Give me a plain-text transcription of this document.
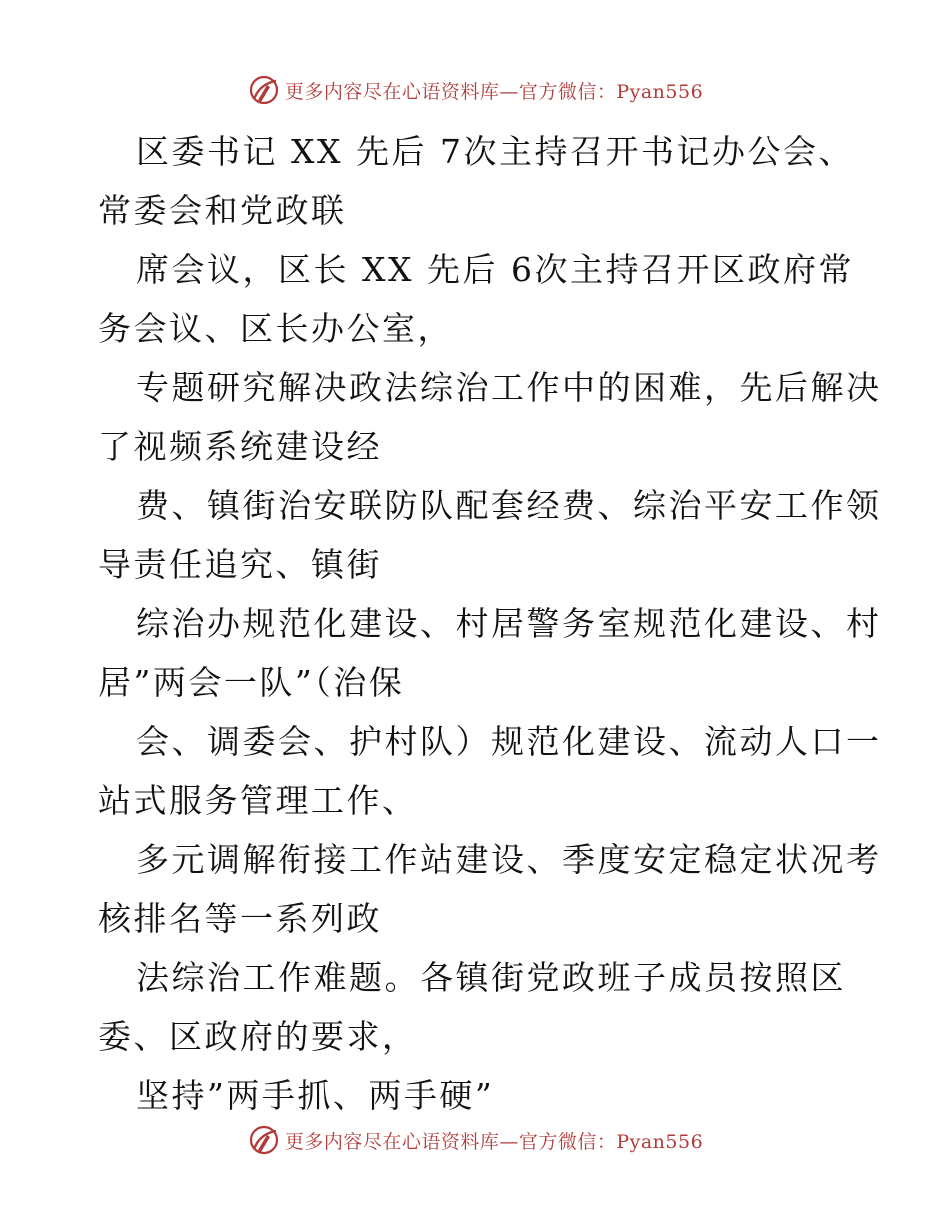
更多内容尽在心语资料库—官方微信：Pyan556
区委书记 XX 先后 7次主持召开书记办公会、
常委会和党政联
席会议，区长 XX 先后 6次主持召开区政府常
务会议、区长办公室，
专题研究解决政法综治工作中的困难，先后解决
了视频系统建设经
费、镇街治安联防队配套经费、综治平安工作领
导责任追究、镇街
综治办规范化建设、村居警务室规范化建设、村
居”两会一队”（治保
会、调委会、护村队）规范化建设、流动人口一
站式服务管理工作、
多元调解衔接工作站建设、季度安定稳定状况考
核排名等一系列政
法综治工作难题。各镇街党政班子成员按照区
委、区政府的要求，
坚持”两手抓、两手硬”
更多内容尽在心语资料库—官方微信：Pyan556
